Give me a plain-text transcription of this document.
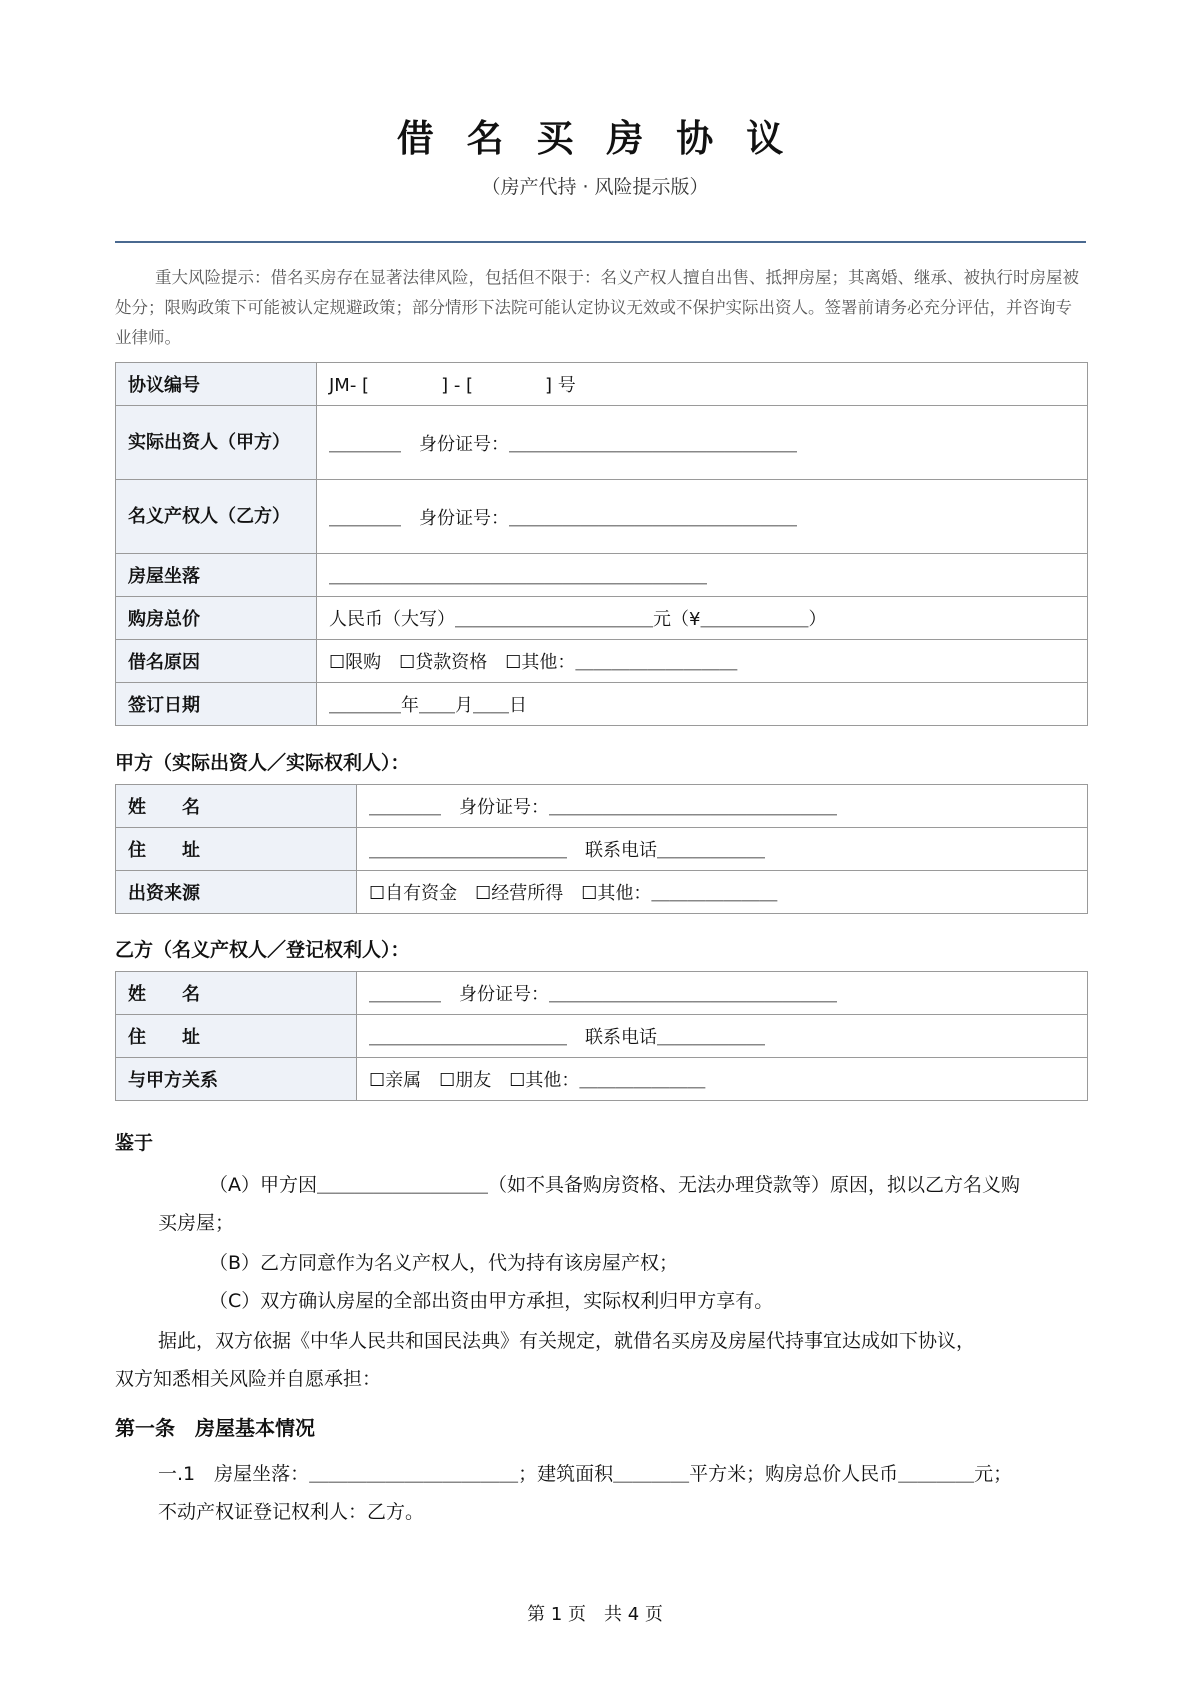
借 名 买 房 协 议
（房产代持 · 风险提示版）
重大风险提示：借名买房存在显著法律风险，包括但不限于：名义产权人擅自出售、抵押房屋；其离婚、继承、被执行时房屋被处分；限购政策下可能被认定规避政策；部分情形下法院可能认定协议无效或不保护实际出资人。签署前请务必充分评估，并咨询专业律师。
协议编号	JM- [　　　　] - [　　　　] 号
实际出资人（甲方）	＿＿＿＿　身份证号：＿＿＿＿＿＿＿＿＿＿＿＿＿＿＿＿
名义产权人（乙方）	＿＿＿＿　身份证号：＿＿＿＿＿＿＿＿＿＿＿＿＿＿＿＿
房屋坐落	＿＿＿＿＿＿＿＿＿＿＿＿＿＿＿＿＿＿＿＿＿
购房总价	人民币（大写）＿＿＿＿＿＿＿＿＿＿＿元（¥＿＿＿＿＿＿）
借名原因	☐限购　☐贷款资格　☐其他：＿＿＿＿＿＿＿＿＿
签订日期	＿＿＿＿年＿＿月＿＿日
甲方（实际出资人／实际权利人）：
姓　　名	＿＿＿＿　身份证号：＿＿＿＿＿＿＿＿＿＿＿＿＿＿＿＿
住　　址	＿＿＿＿＿＿＿＿＿＿＿　联系电话＿＿＿＿＿＿
出资来源	☐自有资金　☐经营所得　☐其他：＿＿＿＿＿＿＿
乙方（名义产权人／登记权利人）：
姓　　名	＿＿＿＿　身份证号：＿＿＿＿＿＿＿＿＿＿＿＿＿＿＿＿
住　　址	＿＿＿＿＿＿＿＿＿＿＿　联系电话＿＿＿＿＿＿
与甲方关系	☐亲属　☐朋友　☐其他：＿＿＿＿＿＿＿
鉴于
（A）甲方因＿＿＿＿＿＿＿＿＿（如不具备购房资格、无法办理贷款等）原因，拟以乙方名义购
买房屋；
（B）乙方同意作为名义产权人，代为持有该房屋产权；
（C）双方确认房屋的全部出资由甲方承担，实际权利归甲方享有。
据此，双方依据《中华人民共和国民法典》有关规定，就借名买房及房屋代持事宜达成如下协议，
双方知悉相关风险并自愿承担：
第一条　房屋基本情况
一.1　房屋坐落：＿＿＿＿＿＿＿＿＿＿＿；建筑面积＿＿＿＿平方米；购房总价人民币＿＿＿＿元；
不动产权证登记权利人：乙方。
第 1 页　共 4 页
